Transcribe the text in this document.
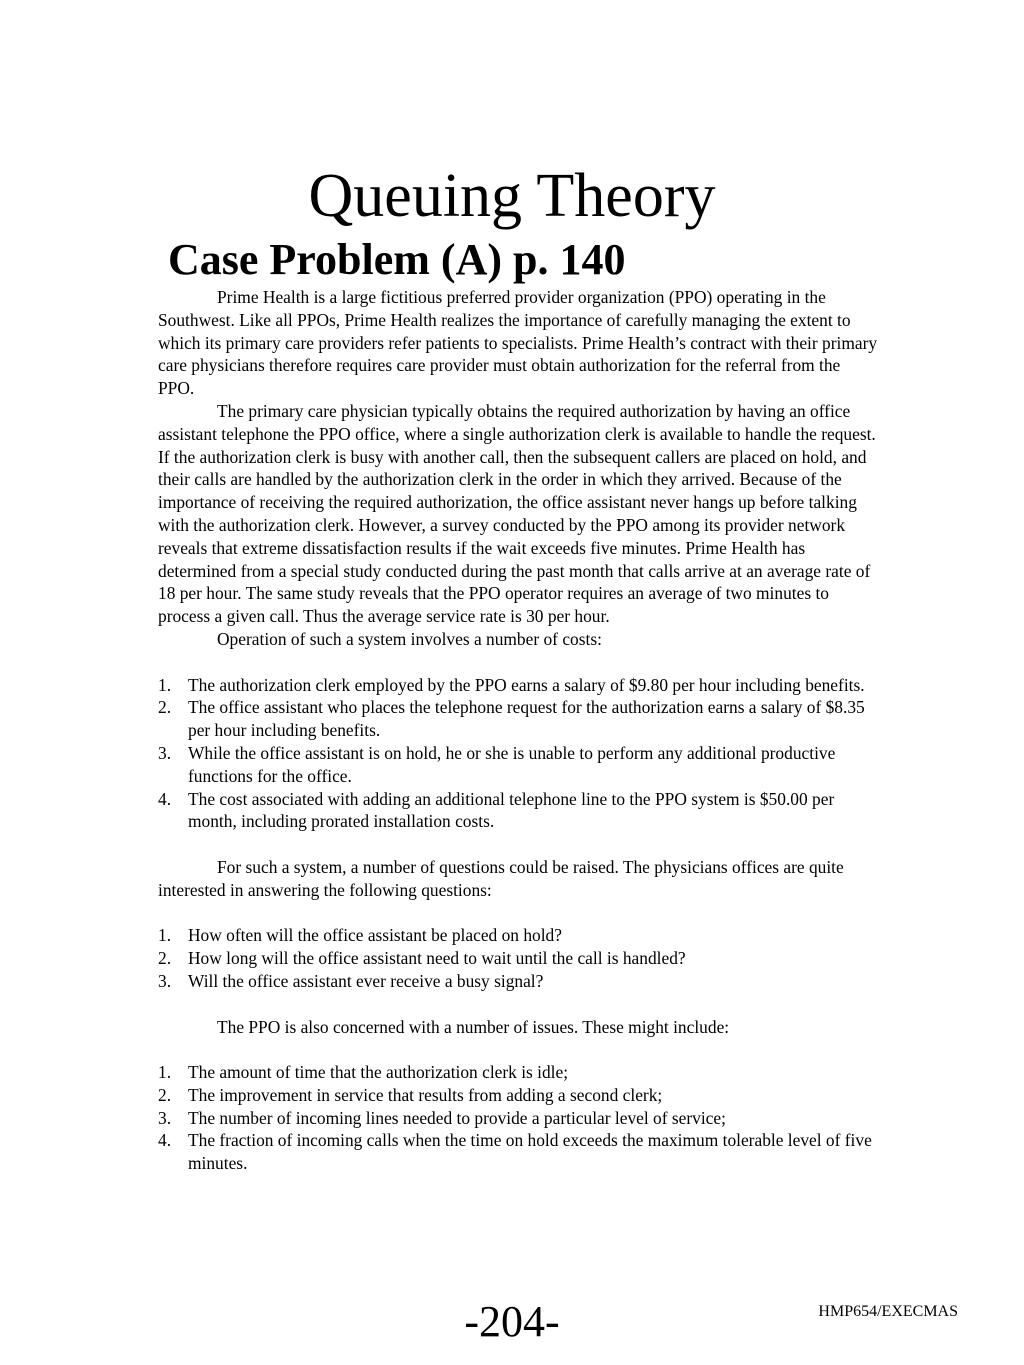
Queuing Theory
Case Problem (A) p. 140

Prime Health is a large fictitious preferred provider organization (PPO) operating in the Southwest. Like all PPOs, Prime Health realizes the importance of carefully managing the extent to which its primary care providers refer patients to specialists. Prime Health’s contract with their primary care physicians therefore requires care provider must obtain authorization for the referral from the PPO.

The primary care physician typically obtains the required authorization by having an office assistant telephone the PPO office, where a single authorization clerk is available to handle the request. If the authorization clerk is busy with another call, then the subsequent callers are placed on hold, and their calls are handled by the authorization clerk in the order in which they arrived. Because of the importance of receiving the required authorization, the office assistant never hangs up before talking with the authorization clerk. However, a survey conducted by the PPO among its provider network reveals that extreme dissatisfaction results if the wait exceeds five minutes. Prime Health has determined from a special study conducted during the past month that calls arrive at an average rate of 18 per hour. The same study reveals that the PPO operator requires an average of two minutes to process a given call. Thus the average service rate is 30 per hour.

Operation of such a system involves a number of costs:

1. The authorization clerk employed by the PPO earns a salary of $9.80 per hour including benefits.
2. The office assistant who places the telephone request for the authorization earns a salary of $8.35 per hour including benefits.
3. While the office assistant is on hold, he or she is unable to perform any additional productive functions for the office.
4. The cost associated with adding an additional telephone line to the PPO system is $50.00 per month, including prorated installation costs.

For such a system, a number of questions could be raised. The physicians offices are quite interested in answering the following questions:

1. How often will the office assistant be placed on hold?
2. How long will the office assistant need to wait until the call is handled?
3. Will the office assistant ever receive a busy signal?

The PPO is also concerned with a number of issues. These might include:

1. The amount of time that the authorization clerk is idle;
2. The improvement in service that results from adding a second clerk;
3. The number of incoming lines needed to provide a particular level of service;
4. The fraction of incoming calls when the time on hold exceeds the maximum tolerable level of five minutes.
-204-	HMP654/EXECMAS
